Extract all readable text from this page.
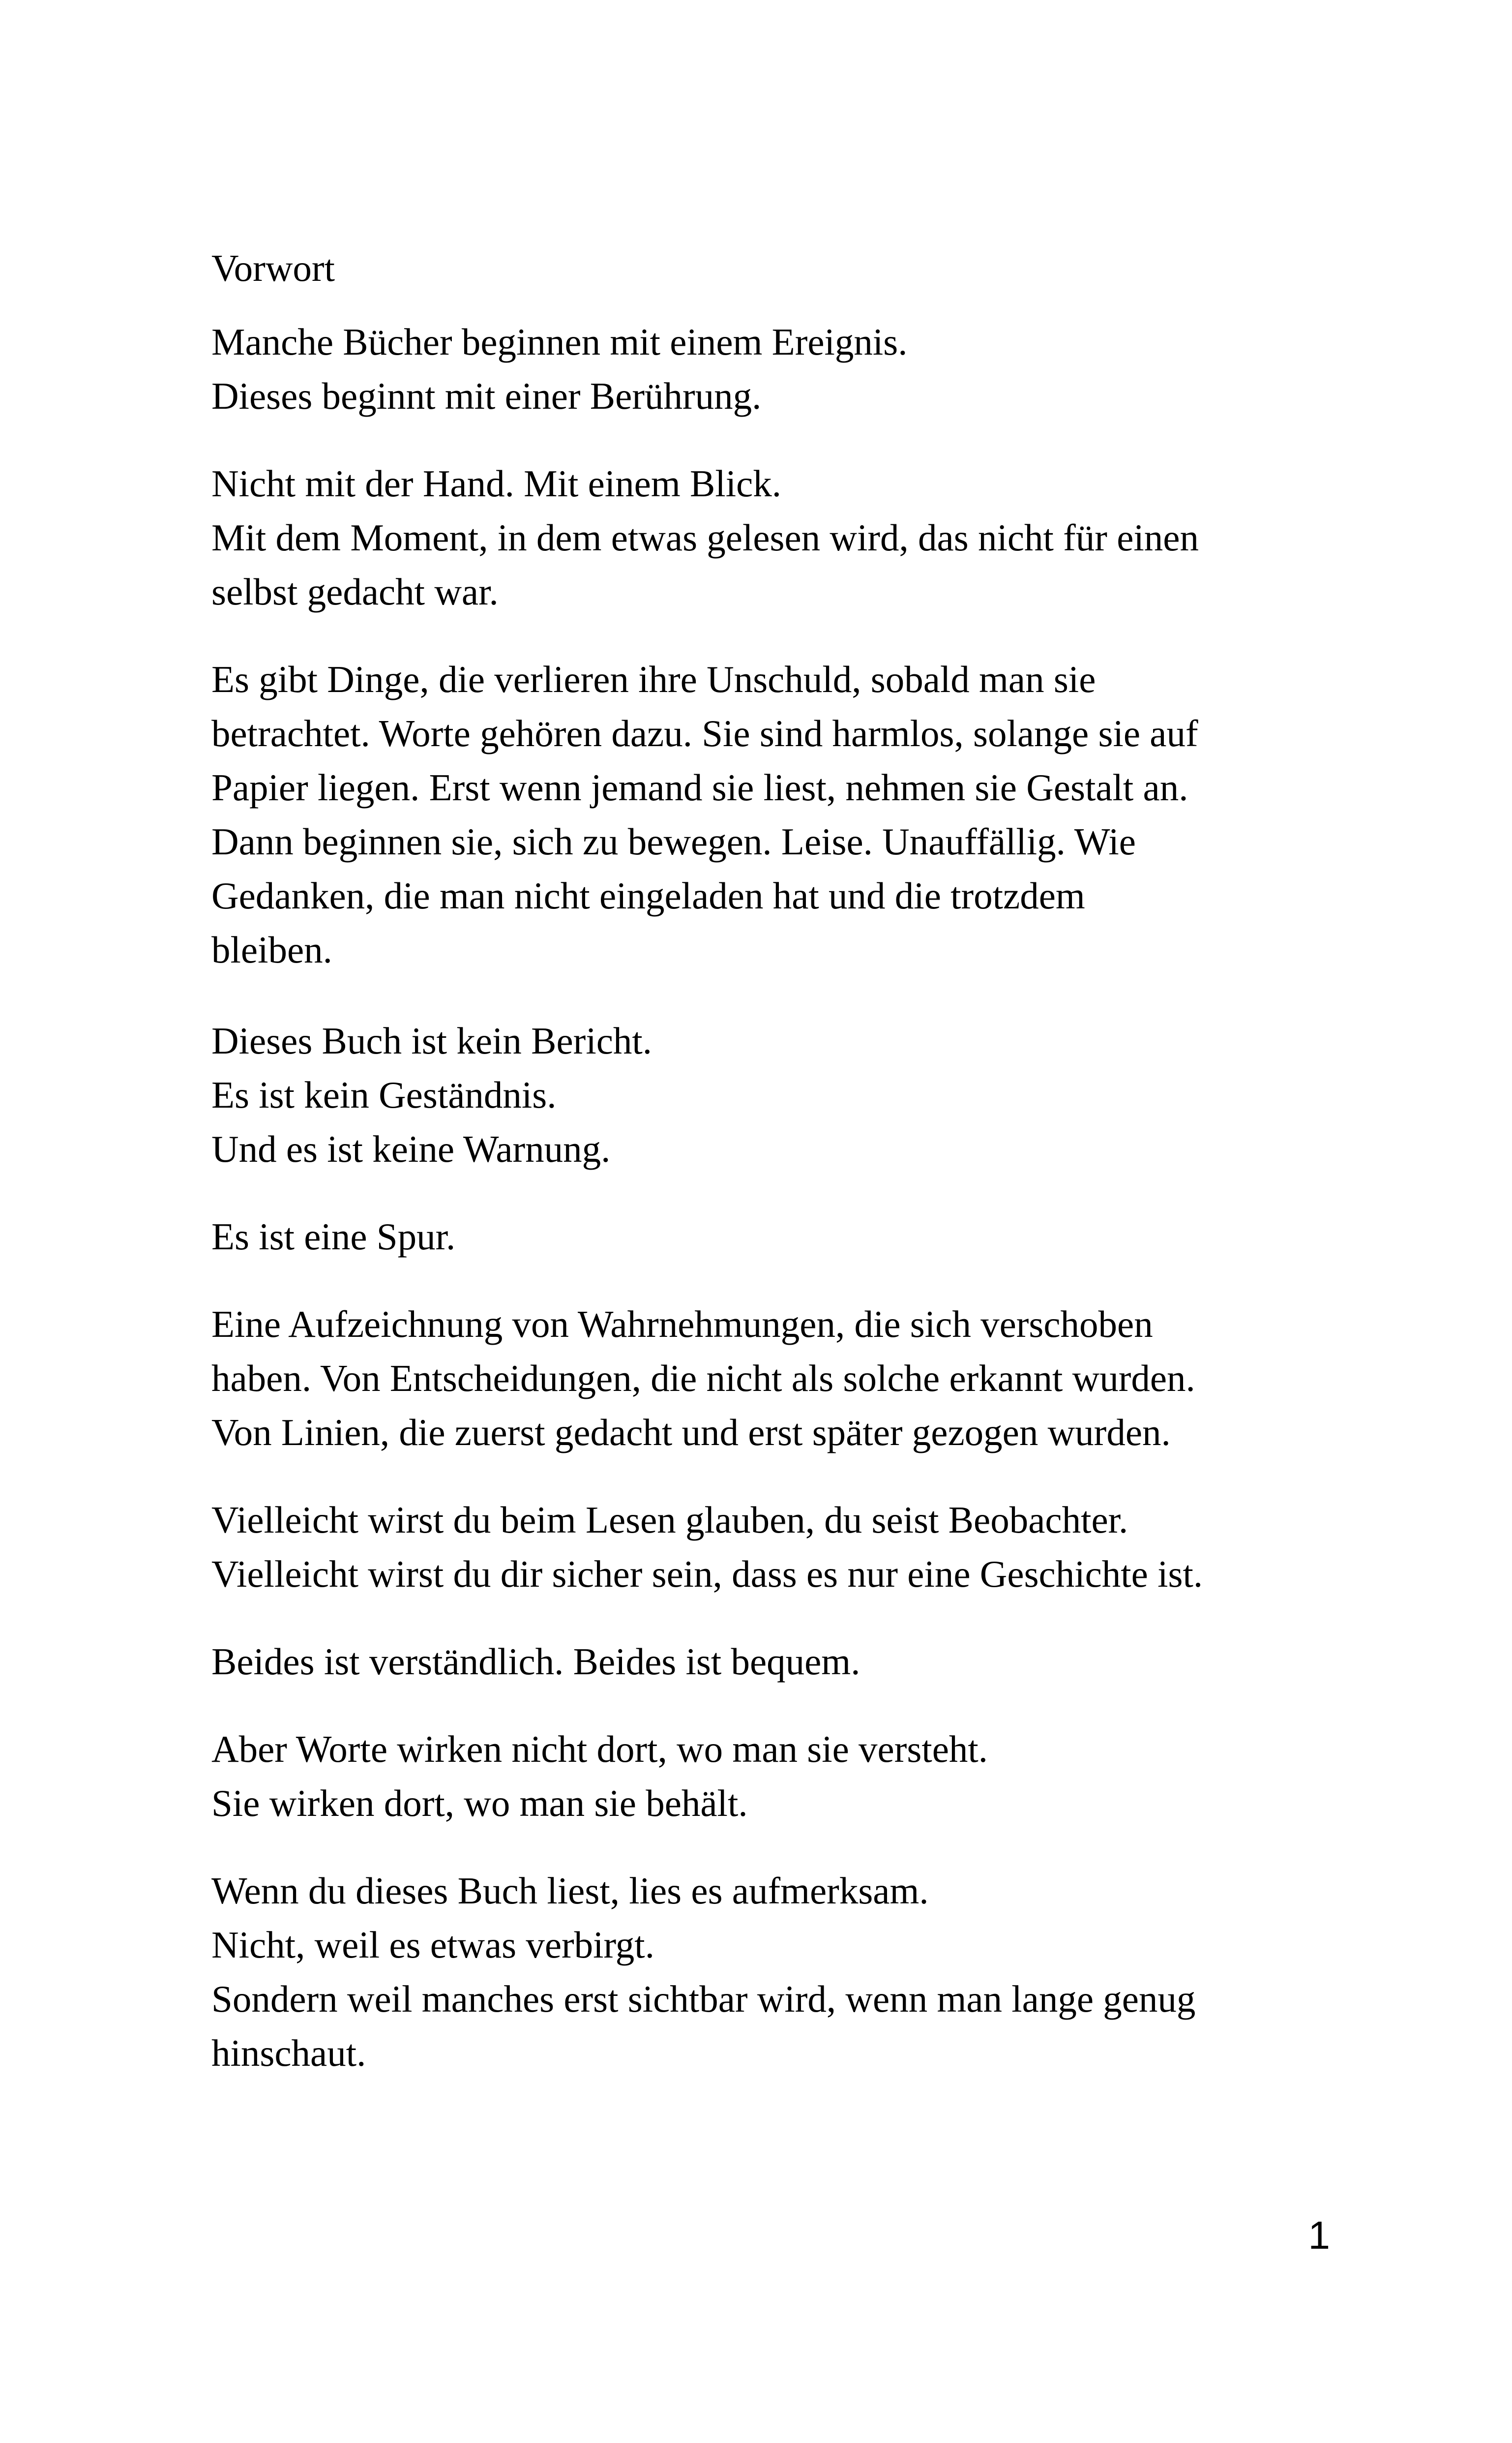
Vorwort

Manche Bücher beginnen mit einem Ereignis.
Dieses beginnt mit einer Berührung.

Nicht mit der Hand. Mit einem Blick.
Mit dem Moment, in dem etwas gelesen wird, das nicht für einen
selbst gedacht war.

Es gibt Dinge, die verlieren ihre Unschuld, sobald man sie
betrachtet. Worte gehören dazu. Sie sind harmlos, solange sie auf
Papier liegen. Erst wenn jemand sie liest, nehmen sie Gestalt an.
Dann beginnen sie, sich zu bewegen. Leise. Unauffällig. Wie
Gedanken, die man nicht eingeladen hat und die trotzdem
bleiben.

Dieses Buch ist kein Bericht.
Es ist kein Geständnis.
Und es ist keine Warnung.

Es ist eine Spur.

Eine Aufzeichnung von Wahrnehmungen, die sich verschoben
haben. Von Entscheidungen, die nicht als solche erkannt wurden.
Von Linien, die zuerst gedacht und erst später gezogen wurden.

Vielleicht wirst du beim Lesen glauben, du seist Beobachter.
Vielleicht wirst du dir sicher sein, dass es nur eine Geschichte ist.

Beides ist verständlich. Beides ist bequem.

Aber Worte wirken nicht dort, wo man sie versteht.
Sie wirken dort, wo man sie behält.

Wenn du dieses Buch liest, lies es aufmerksam.
Nicht, weil es etwas verbirgt.
Sondern weil manches erst sichtbar wird, wenn man lange genug
hinschaut.

1
